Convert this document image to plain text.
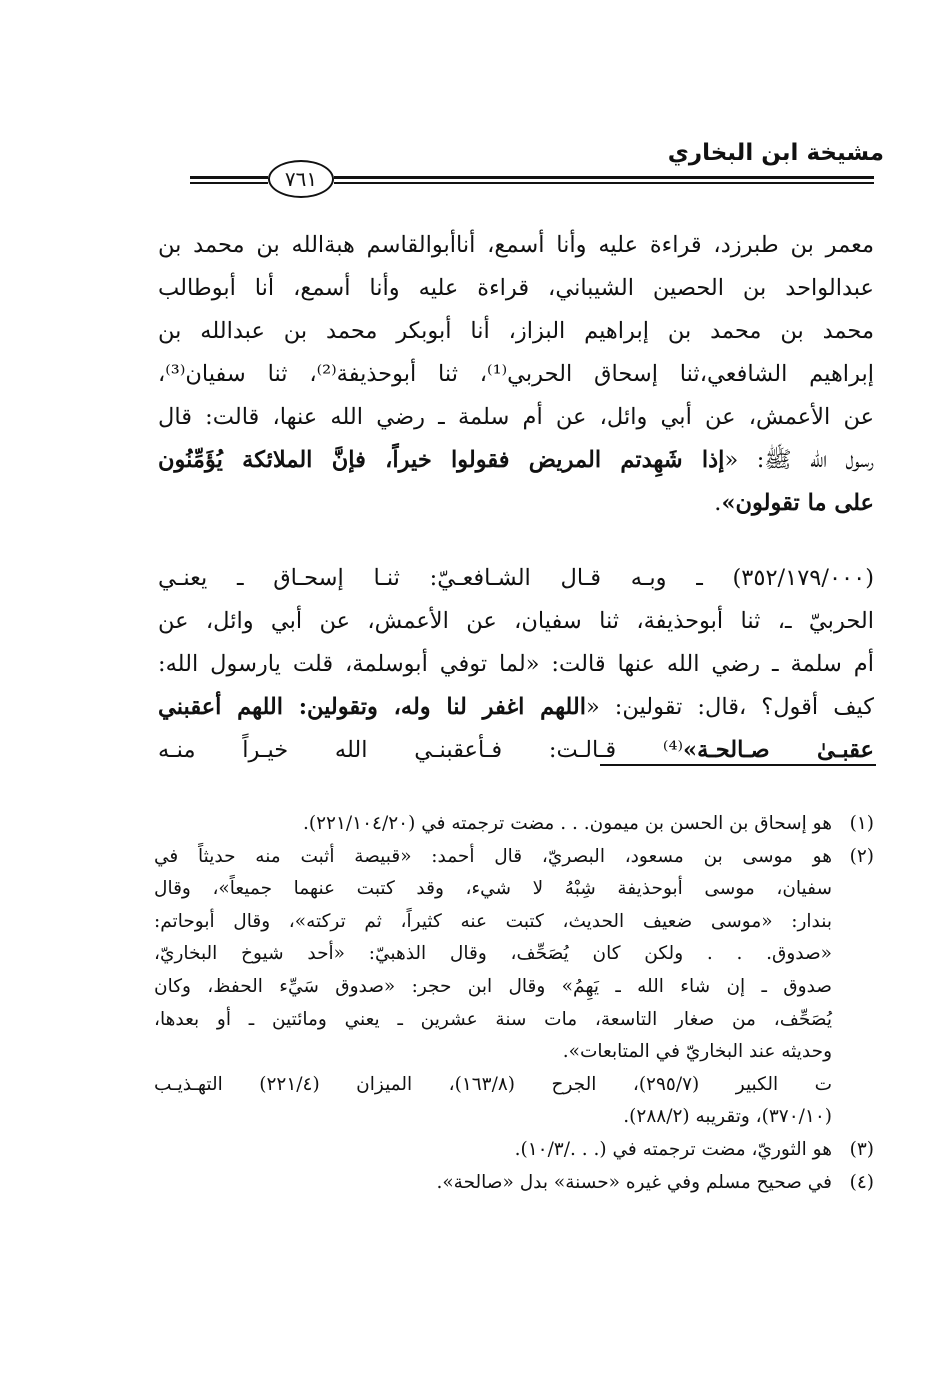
مشيخة ابن البخاري
٧٦١
معمر بن طبرزد، قراءة عليه وأنا أسمع، أناأبوالقاسم هبةالله بن محمد بن
عبدالواحد بن الحصين الشيباني، قراءة عليه وأنا أسمع، أنا أبوطالب
محمد بن محمد بن إبراهيم البزاز، أنا أبوبكر محمد بن عبدالله بن
إبراهيم الشافعي،ثنا إسحاق الحربي⁽¹⁾، ثنا أبوحذيفة⁽²⁾، ثنا سفيان⁽³⁾،
عن الأعمش، عن أبي وائل، عن أم سلمة ـ رضي الله عنها، قالت: قال
رسول الله ﷺ: «إذا شَهِدتم المريض فقولوا خيراً، فإنَّ الملائكة يُؤَمِّنُون
على ما تقولون».
(٣٥٢/١٧٩/٠٠٠) ـ وبـه قـال الشـافعـيّ: ثنـا إسحـاق ـ يعنـي
الحربيّ ـ، ثنا أبوحذيفة، ثنا سفيان، عن الأعمش، عن أبي وائل، عن
أم سلمة ـ رضي الله عنها قالت: «لما توفي أبوسلمة، قلت يارسول الله:
كيف أقول؟ ،قال: تقولين: «اللهم اغفر لنا وله، وتقولين: اللهم أعقبني
عقبـىٰ صـالحـة»⁽⁴⁾ قـالـت: فـأعقبنـي الله خيـراً منـه
(١)هو إسحاق بن الحسن بن ميمون. . . مضت ترجمته في (٢٢١/١٠٤/٢٠).
(٢)هو موسى بن مسعود، البصريّ، قال أحمد: «قبيصة أثبت منه حديثاً في
سفيان، موسى أبوحذيفة شِبْهُ لا شيء، وقد كتبت عنهما جميعاً»، وقال
بندار: «موسى ضعيف الحديث، كتبت عنه كثيراً، ثم تركته»، وقال أبوحاتم:
«صدوق. . . ولكن كان يُصَحِّف، وقال الذهبيّ: «أحد شيوخ البخاريّ،
صدوق ـ إن شاء الله ـ يَهِمُ» وقال ابن حجر: «صدوق سَيِّء الحفظ، وكان
يُصَحِّف، من صغار التاسعة، مات سنة عشرين ـ يعني ومائتين ـ أو بعدها،
وحديثه عند البخاريّ في المتابعات».
ت الكبير (٢٩٥/٧)، الجرح (١٦٣/٨)، الميزان (٢٢١/٤) التهـذيـب
(٣٧٠/١٠)، وتقريبه (٢٨٨/٢).
(٣)هو الثوريّ، مضت ترجمته في (. . ./١٠/٣).
(٤)في صحيح مسلم وفي غيره «حسنة» بدل «صالحة».
